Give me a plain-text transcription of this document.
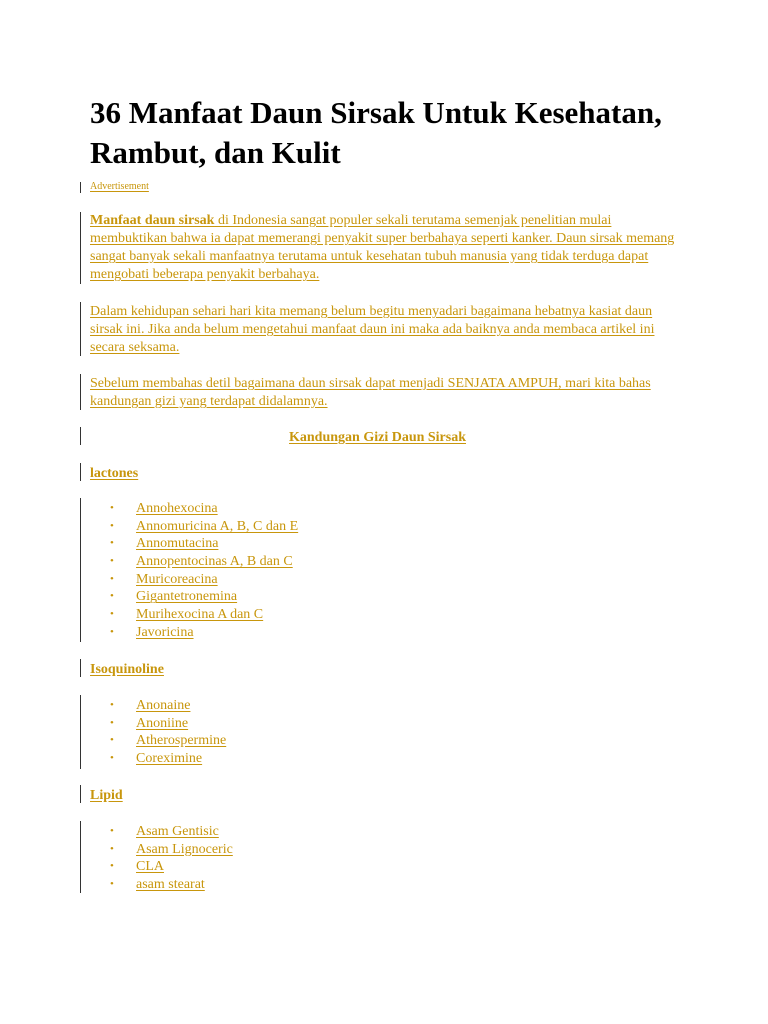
36 Manfaat Daun Sirsak Untuk Kesehatan, Rambut, dan Kulit
Advertisement
Manfaat daun sirsak di Indonesia sangat populer sekali terutama semenjak penelitian mulai membuktikan bahwa ia dapat memerangi penyakit super berbahaya seperti kanker. Daun sirsak memang sangat banyak sekali manfaatnya terutama untuk kesehatan tubuh manusia yang tidak terduga dapat mengobati beberapa penyakit berbahaya.
Dalam kehidupan sehari hari kita memang belum begitu menyadari bagaimana hebatnya kasiat daun sirsak ini. Jika anda belum mengetahui manfaat daun ini maka ada baiknya anda membaca artikel ini secara seksama.
Sebelum membahas detil bagaimana daun sirsak dapat menjadi SENJATA AMPUH, mari kita bahas kandungan gizi yang terdapat didalamnya.
Kandungan Gizi Daun Sirsak
lactones
• Annohexocina
• Annomuricina A, B, C dan E
• Annomutacina
• Annopentocinas A, B dan C
• Muricoreacina
• Gigantetronemina
• Murihexocina A dan C
• Javoricina
Isoquinoline
• Anonaine
• Anoniine
• Atherospermine
• Coreximine
Lipid
• Asam Gentisic
• Asam Lignoceric
• CLA
• asam stearat
